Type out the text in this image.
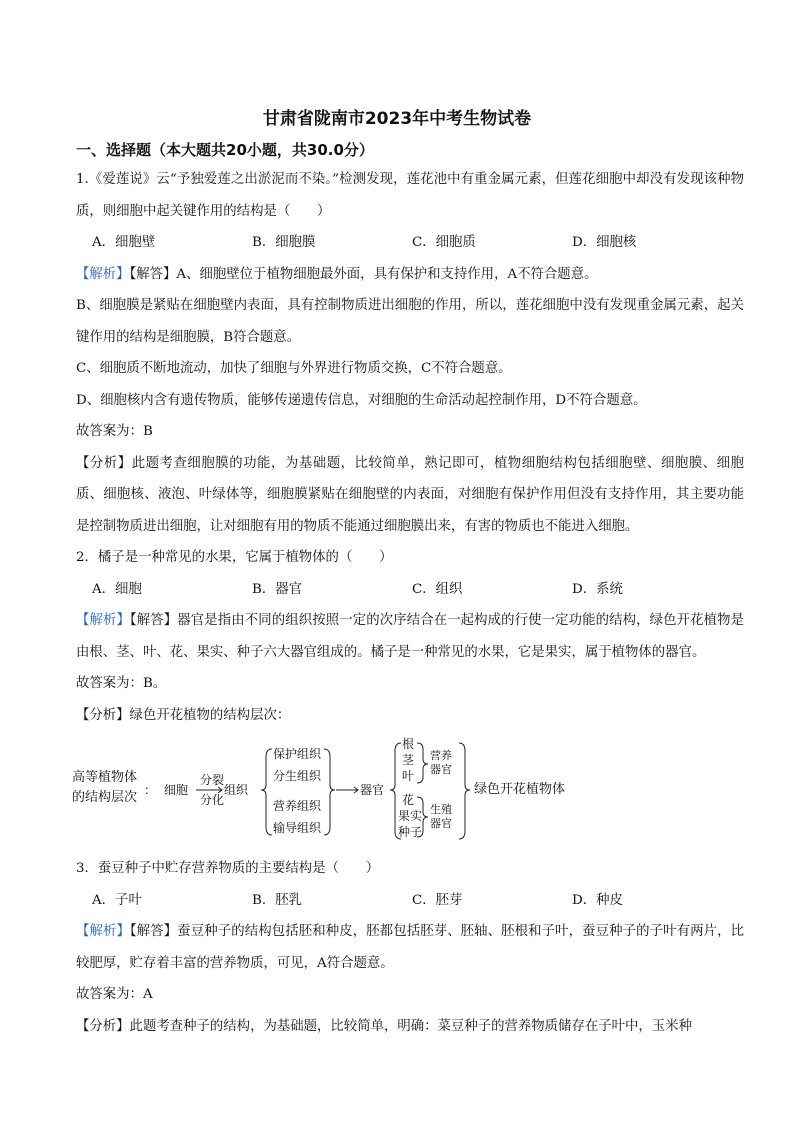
甘肃省陇南市2023年中考生物试卷
一、选择题（本大题共20小题，共30.0分）

1.《爱莲说》云“予独爱莲之出淤泥而不染。”检测发现，莲花池中有重金属元素，但莲花细胞中却没有发现该种物质，则细胞中起关键作用的结构是（　　）

A．细胞壁	B．细胞膜	C．细胞质	D．细胞核

【解析】【解答】A、细胞壁位于植物细胞最外面，具有保护和支持作用，A不符合题意。

B、细胞膜是紧贴在细胞壁内表面，具有控制物质进出细胞的作用，所以，莲花细胞中没有发现重金属元素，起关键作用的结构是细胞膜，B符合题意。

C、细胞质不断地流动，加快了细胞与外界进行物质交换，C不符合题意。

D、细胞核内含有遗传物质，能够传递遗传信息，对细胞的生命活动起控制作用，D不符合题意。

故答案为：B

【分析】此题考查细胞膜的功能，为基础题，比较简单，熟记即可，植物细胞结构包括细胞壁、细胞膜、细胞质、细胞核、液泡、叶绿体等，细胞膜紧贴在细胞壁的内表面，对细胞有保护作用但没有支持作用，其主要功能是控制物质进出细胞，让对细胞有用的物质不能通过细胞膜出来，有害的物质也不能进入细胞。

2．橘子是一种常见的水果，它属于植物体的（　　）

A．细胞	B．器官	C．组织	D．系统

【解析】【解答】器官是指由不同的组织按照一定的次序结合在一起构成的行使一定功能的结构，绿色开花植物是由根、茎、叶、花、果实、种子六大器官组成的。橘子是一种常见的水果，它是果实，属于植物体的器官。

故答案为：B。

【分析】绿色开花植物的结构层次：

高等植物体
的结构层次 ： 细胞
分裂
分化
组织
保护组织
分生组织
营养组织
输导组织
器官
根
茎
叶
花
果实
种子
营养
器官
生殖
器官
绿色开花植物体

3．蚕豆种子中贮存营养物质的主要结构是（　　）

A．子叶	B．胚乳	C．胚芽	D．种皮

【解析】【解答】蚕豆种子的结构包括胚和种皮，胚都包括胚芽、胚轴、胚根和子叶，蚕豆种子的子叶有两片，比较肥厚，贮存着丰富的营养物质，可见，A符合题意。

故答案为：A

【分析】此题考查种子的结构，为基础题，比较简单，明确：菜豆种子的营养物质储存在子叶中，玉米种
